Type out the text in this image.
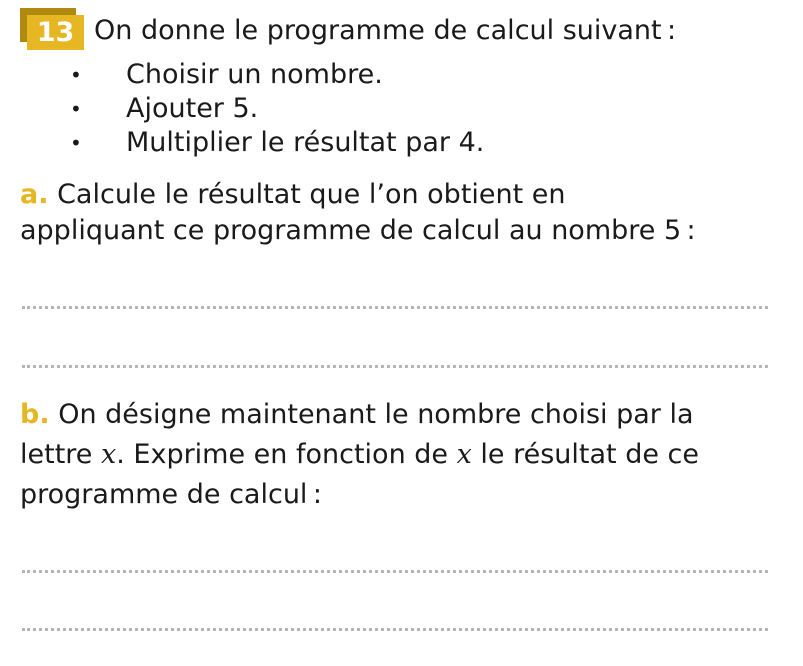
13 On donne le programme de calcul suivant :
• Choisir un nombre.
• Ajouter 5.
• Multiplier le résultat par 4.
a. Calcule le résultat que l’on obtient en
appliquant ce programme de calcul au nombre 5 :
b. On désigne maintenant le nombre choisi par la
lettre x. Exprime en fonction de x le résultat de ce
programme de calcul :
